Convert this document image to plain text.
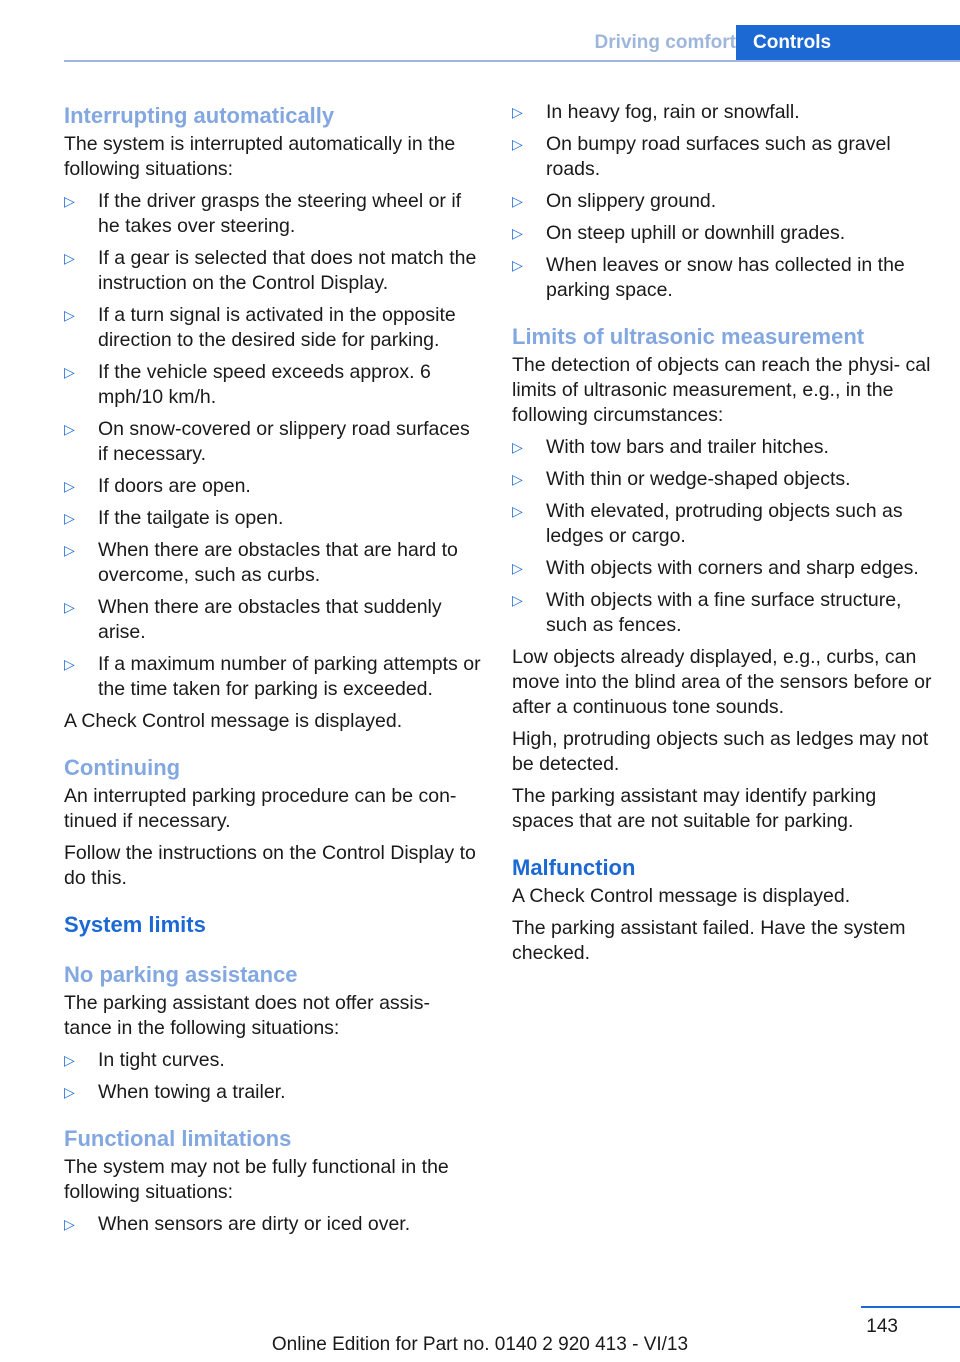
Driving comfort Controls
Interrupting automatically

The system is interrupted automatically in the following situations:

▷	If the driver grasps the steering wheel or if he takes over steering.
▷	If a gear is selected that does not match the instruction on the Control Display.
▷	If a turn signal is activated in the opposite direction to the desired side for parking.
▷	If the vehicle speed exceeds approx. 6 mph/10 km/h.
▷	On snow-covered or slippery road surfaces if necessary.
▷	If doors are open.
▷	If the tailgate is open.
▷	When there are obstacles that are hard to overcome, such as curbs.
▷	When there are obstacles that suddenly arise.
▷	If a maximum number of parking attempts or the time taken for parking is exceeded.

A Check Control message is displayed.

Continuing

An interrupted parking procedure can be con‐ tinued if necessary.

Follow the instructions on the Control Display to do this.

System limits
No parking assistance

The parking assistant does not offer assis‐ tance in the following situations:

▷	In tight curves.
▷	When towing a trailer.
Functional limitations

The system may not be fully functional in the following situations:

▷	When sensors are dirty or iced over.
▷	In heavy fog, rain or snowfall.
▷	On bumpy road surfaces such as gravel roads.
▷	On slippery ground.
▷	On steep uphill or downhill grades.
▷	When leaves or snow has collected in the parking space.
Limits of ultrasonic measurement

The detection of objects can reach the physi‐ cal limits of ultrasonic measurement, e.g., in the following circumstances:

▷	With tow bars and trailer hitches.
▷	With thin or wedge-shaped objects.
▷	With elevated, protruding objects such as ledges or cargo.
▷	With objects with corners and sharp edges.
▷	With objects with a fine surface structure, such as fences.

Low objects already displayed, e.g., curbs, can move into the blind area of the sensors before or after a continuous tone sounds.

High, protruding objects such as ledges may not be detected.

The parking assistant may identify parking spaces that are not suitable for parking.

Malfunction

A Check Control message is displayed.

The parking assistant failed. Have the system checked.

143
Online Edition for Part no. 0140 2 920 413 - VI/13
